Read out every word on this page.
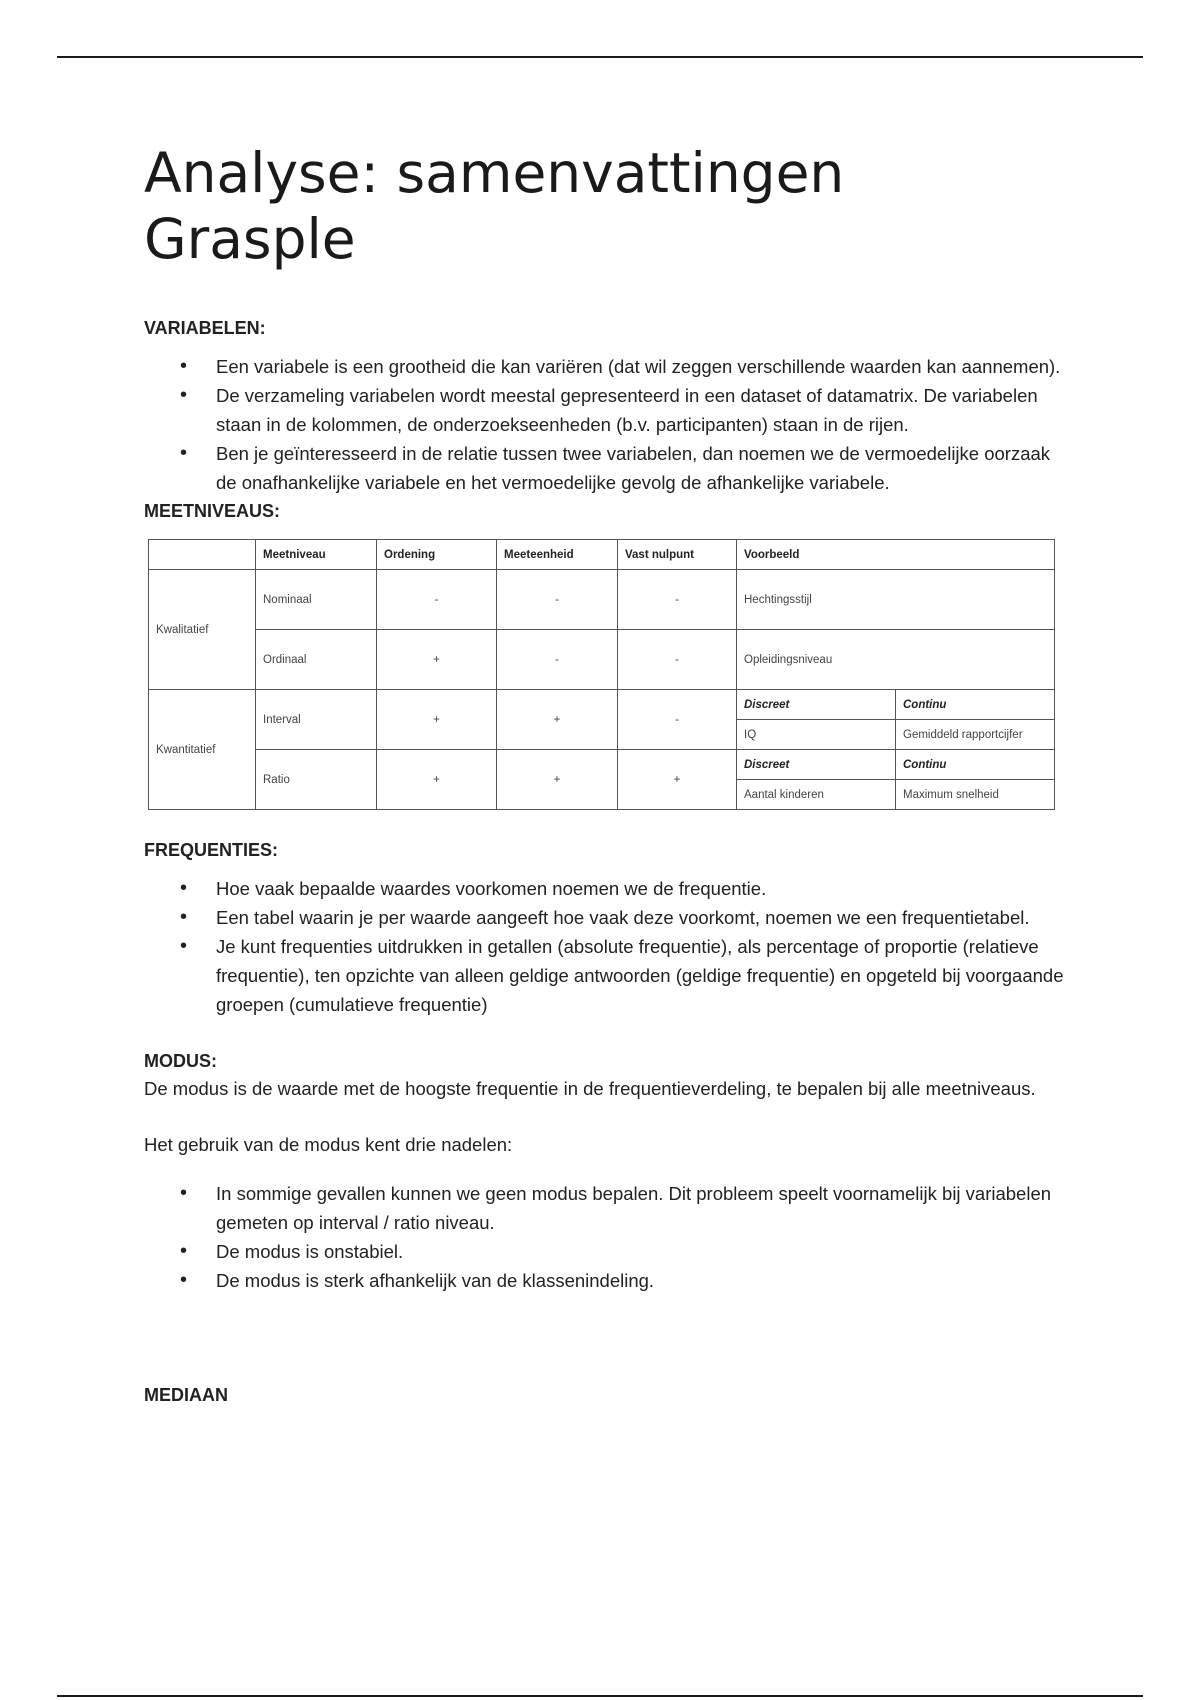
Analyse: samenvattingen Grasple
VARIABELEN:
• Een variabele is een grootheid die kan variëren (dat wil zeggen verschillende waarden kan aannemen).
• De verzameling variabelen wordt meestal gepresenteerd in een dataset of datamatrix. De variabelen staan in de kolommen, de onderzoekseenheden (b.v. participanten) staan in de rijen.
• Ben je geïnteresseerd in de relatie tussen twee variabelen, dan noemen we de vermoedelijke oorzaak de onafhankelijke variabele en het vermoedelijke gevolg de afhankelijke variabele.
MEETNIVEAUS:
	Meetniveau	Ordening	Meeteenheid	Vast nulpunt	Voorbeeld
Kwalitatief	Nominaal	-	-	-	Hechtingsstijl
Ordinaal	+	-	-	Opleidingsniveau
Kwantitatief	Interval	+	+	-	
Discreet	Continu
IQ	Gemiddeld rapportcijfer

Ratio	+	+	+	
Discreet	Continu
Aantal kinderen	Maximum snelheid
FREQUENTIES:
• Hoe vaak bepaalde waardes voorkomen noemen we de frequentie.
• Een tabel waarin je per waarde aangeeft hoe vaak deze voorkomt, noemen we een frequentietabel.
• Je kunt frequenties uitdrukken in getallen (absolute frequentie), als percentage of proportie (relatieve frequentie), ten opzichte van alleen geldige antwoorden (geldige frequentie) en opgeteld bij voorgaande groepen (cumulatieve frequentie)
MODUS:

De modus is de waarde met de hoogste frequentie in de frequentieverdeling, te bepalen bij alle meetniveaus.

Het gebruik van de modus kent drie nadelen:

• In sommige gevallen kunnen we geen modus bepalen. Dit probleem speelt voornamelijk bij variabelen gemeten op interval / ratio niveau.
• De modus is onstabiel.
• De modus is sterk afhankelijk van de klassenindeling.
MEDIAAN
